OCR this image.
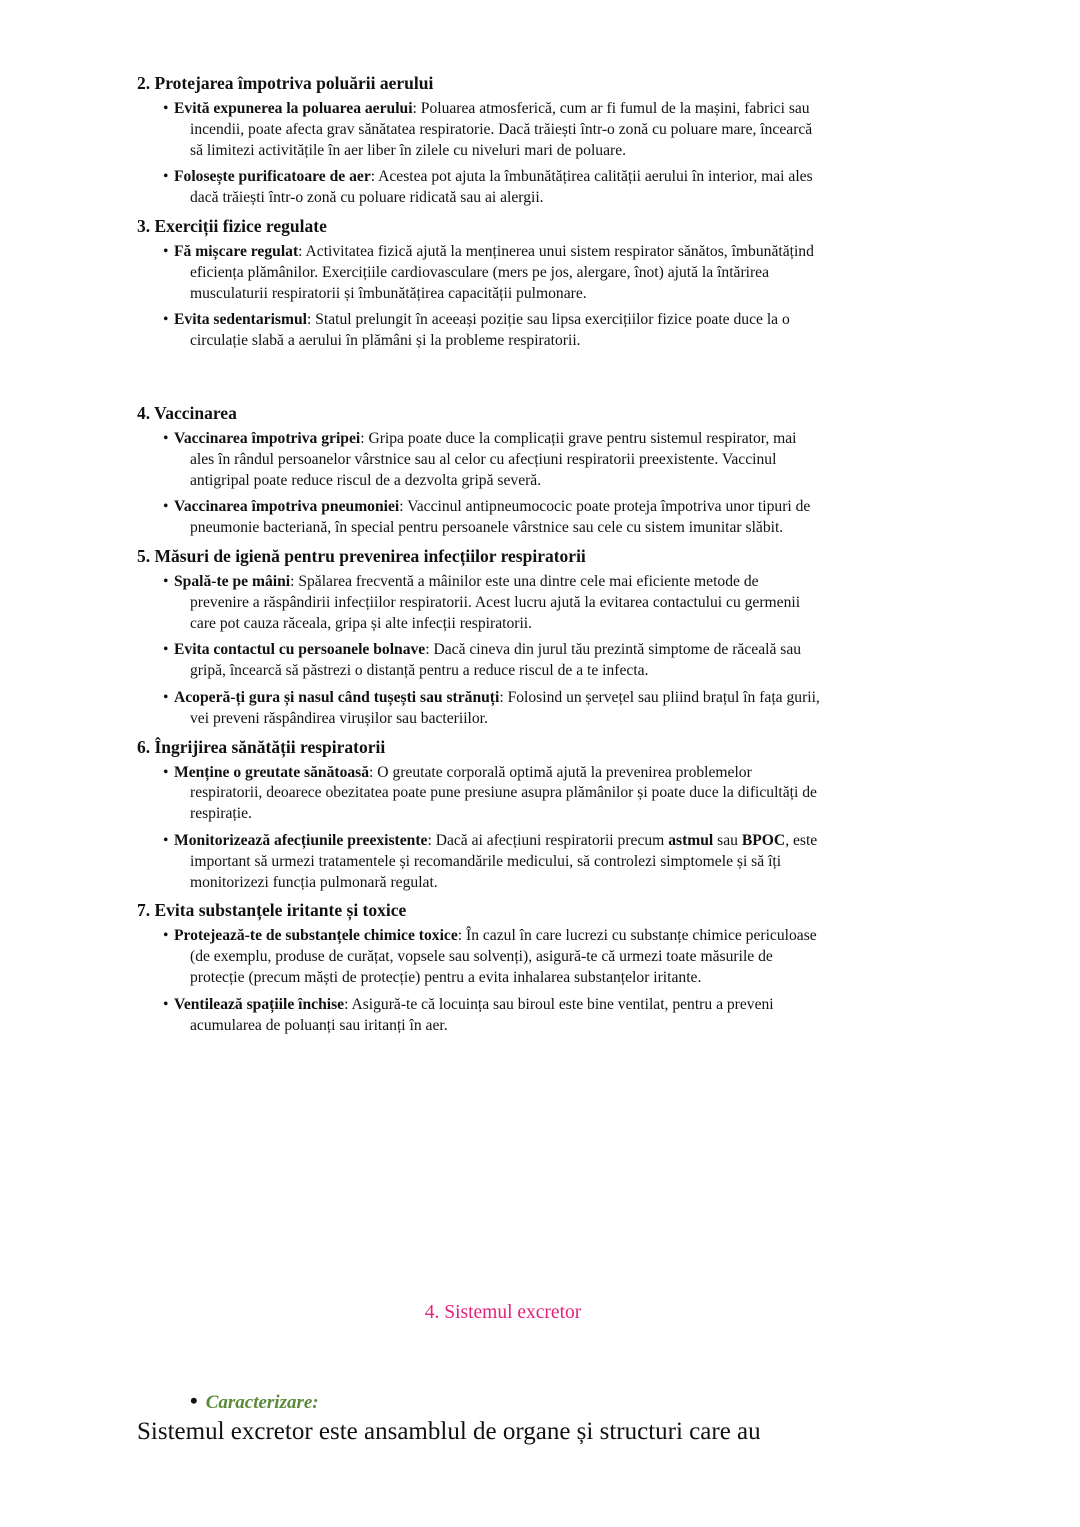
2. Protejarea împotriva poluării aerului
• Evită expunerea la poluarea aerului: Poluarea atmosferică, cum ar fi fumul de la mașini, fabrici sau incendii, poate afecta grav sănătatea respiratorie. Dacă trăiești într-o zonă cu poluare mare, încearcă să limitezi activitățile în aer liber în zilele cu niveluri mari de poluare.
• Folosește purificatoare de aer: Acestea pot ajuta la îmbunătățirea calității aerului în interior, mai ales dacă trăiești într-o zonă cu poluare ridicată sau ai alergii.
3. Exerciții fizice regulate
• Fă mișcare regulat: Activitatea fizică ajută la menținerea unui sistem respirator sănătos, îmbunătățind eficiența plămânilor. Exercițiile cardiovasculare (mers pe jos, alergare, înot) ajută la întărirea musculaturii respiratorii și îmbunătățirea capacității pulmonare.
• Evita sedentarismul: Statul prelungit în aceeași poziție sau lipsa exercițiilor fizice poate duce la o circulație slabă a aerului în plămâni și la probleme respiratorii.
4. Vaccinarea
• Vaccinarea împotriva gripei: Gripa poate duce la complicații grave pentru sistemul respirator, mai ales în rândul persoanelor vârstnice sau al celor cu afecțiuni respiratorii preexistente. Vaccinul antigripal poate reduce riscul de a dezvolta gripă severă.
• Vaccinarea împotriva pneumoniei: Vaccinul antipneumococic poate proteja împotriva unor tipuri de pneumonie bacteriană, în special pentru persoanele vârstnice sau cele cu sistem imunitar slăbit.
5. Măsuri de igienă pentru prevenirea infecțiilor respiratorii
• Spală-te pe mâini: Spălarea frecventă a mâinilor este una dintre cele mai eficiente metode de prevenire a răspândirii infecțiilor respiratorii. Acest lucru ajută la evitarea contactului cu germenii care pot cauza răceala, gripa și alte infecții respiratorii.
• Evita contactul cu persoanele bolnave: Dacă cineva din jurul tău prezintă simptome de răceală sau gripă, încearcă să păstrezi o distanță pentru a reduce riscul de a te infecta.
• Acoperă-ți gura și nasul când tușești sau strănuți: Folosind un șervețel sau pliind brațul în fața gurii, vei preveni răspândirea virușilor sau bacteriilor.
6. Îngrijirea sănătății respiratorii
• Menține o greutate sănătoasă: O greutate corporală optimă ajută la prevenirea problemelor respiratorii, deoarece obezitatea poate pune presiune asupra plămânilor și poate duce la dificultăți de respirație.
• Monitorizează afecțiunile preexistente: Dacă ai afecțiuni respiratorii precum astmul sau BPOC, este important să urmezi tratamentele și recomandările medicului, să controlezi simptomele și să îți monitorizezi funcția pulmonară regulat.
7. Evita substanțele iritante și toxice
• Protejează-te de substanțele chimice toxice: În cazul în care lucrezi cu substanțe chimice periculoase (de exemplu, produse de curățat, vopsele sau solvenți), asigură-te că urmezi toate măsurile de protecție (precum măști de protecție) pentru a evita inhalarea substanțelor iritante.
• Ventilează spațiile închise: Asigură-te că locuința sau biroul este bine ventilat, pentru a preveni acumularea de poluanți sau iritanți în aer.
4. Sistemul excretor
• Caracterizare:
Sistemul excretor este ansamblul de organe și structuri care au
